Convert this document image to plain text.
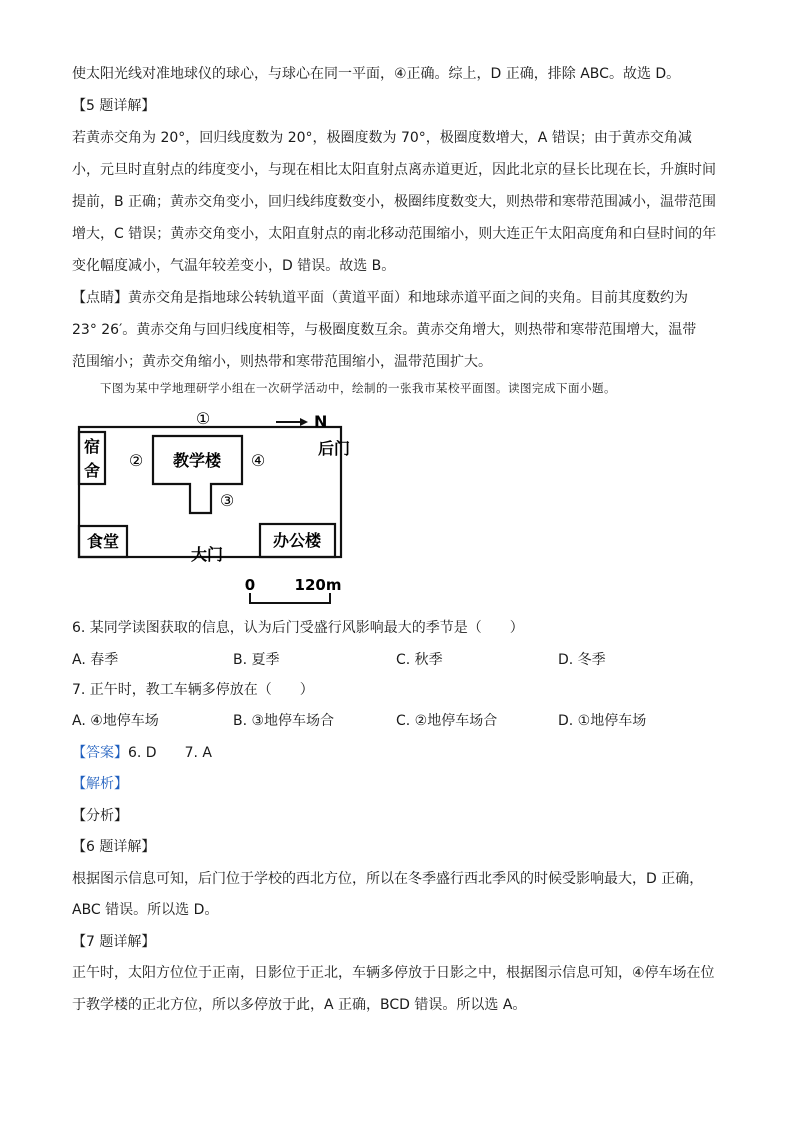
使太阳光线对准地球仪的球心，与球心在同一平面，④正确。综上，D 正确，排除 ABC。故选 D。
【5 题详解】
若黄赤交角为 20°，回归线度数为 20°，极圈度数为 70°，极圈度数增大，A 错误；由于黄赤交角减
小，元旦时直射点的纬度变小，与现在相比太阳直射点离赤道更近，因此北京的昼长比现在长，升旗时间
提前，B 正确；黄赤交角变小，回归线纬度数变小，极圈纬度数变大，则热带和寒带范围减小，温带范围
增大，C 错误；黄赤交角变小，太阳直射点的南北移动范围缩小，则大连正午太阳高度角和白昼时间的年
变化幅度减小，气温年较差变小，D 错误。故选 B。
【点睛】黄赤交角是指地球公转轨道平面（黄道平面）和地球赤道平面之间的夹角。目前其度数约为
23° 26′。黄赤交角与回归线度相等，与极圈度数互余。黄赤交角增大，则热带和寒带范围增大，温带
范围缩小；黄赤交角缩小，则热带和寒带范围缩小，温带范围扩大。
下图为某中学地理研学小组在一次研学活动中，绘制的一张我市某校平面图。读图完成下面小题。
①	N
②	④
③
教学楼
宿
舍
后门
食堂
大门
办公楼
0	120m
6. 某同学读图获取的信息，认为后门受盛行风影响最大的季节是（　　）
A. 春季	B. 夏季	C. 秋季	D. 冬季
7. 正午时，教工车辆多停放在（　　）
A. ④地停车场	B. ③地停车场合	C. ②地停车场合	D. ①地停车场
【答案】6. D　　7. A
【解析】
【分析】
【6 题详解】
根据图示信息可知，后门位于学校的西北方位，所以在冬季盛行西北季风的时候受影响最大，D 正确，
ABC 错误。所以选 D。
【7 题详解】
正午时，太阳方位位于正南，日影位于正北，车辆多停放于日影之中，根据图示信息可知，④停车场在位
于教学楼的正北方位，所以多停放于此，A 正确，BCD 错误。所以选 A。
